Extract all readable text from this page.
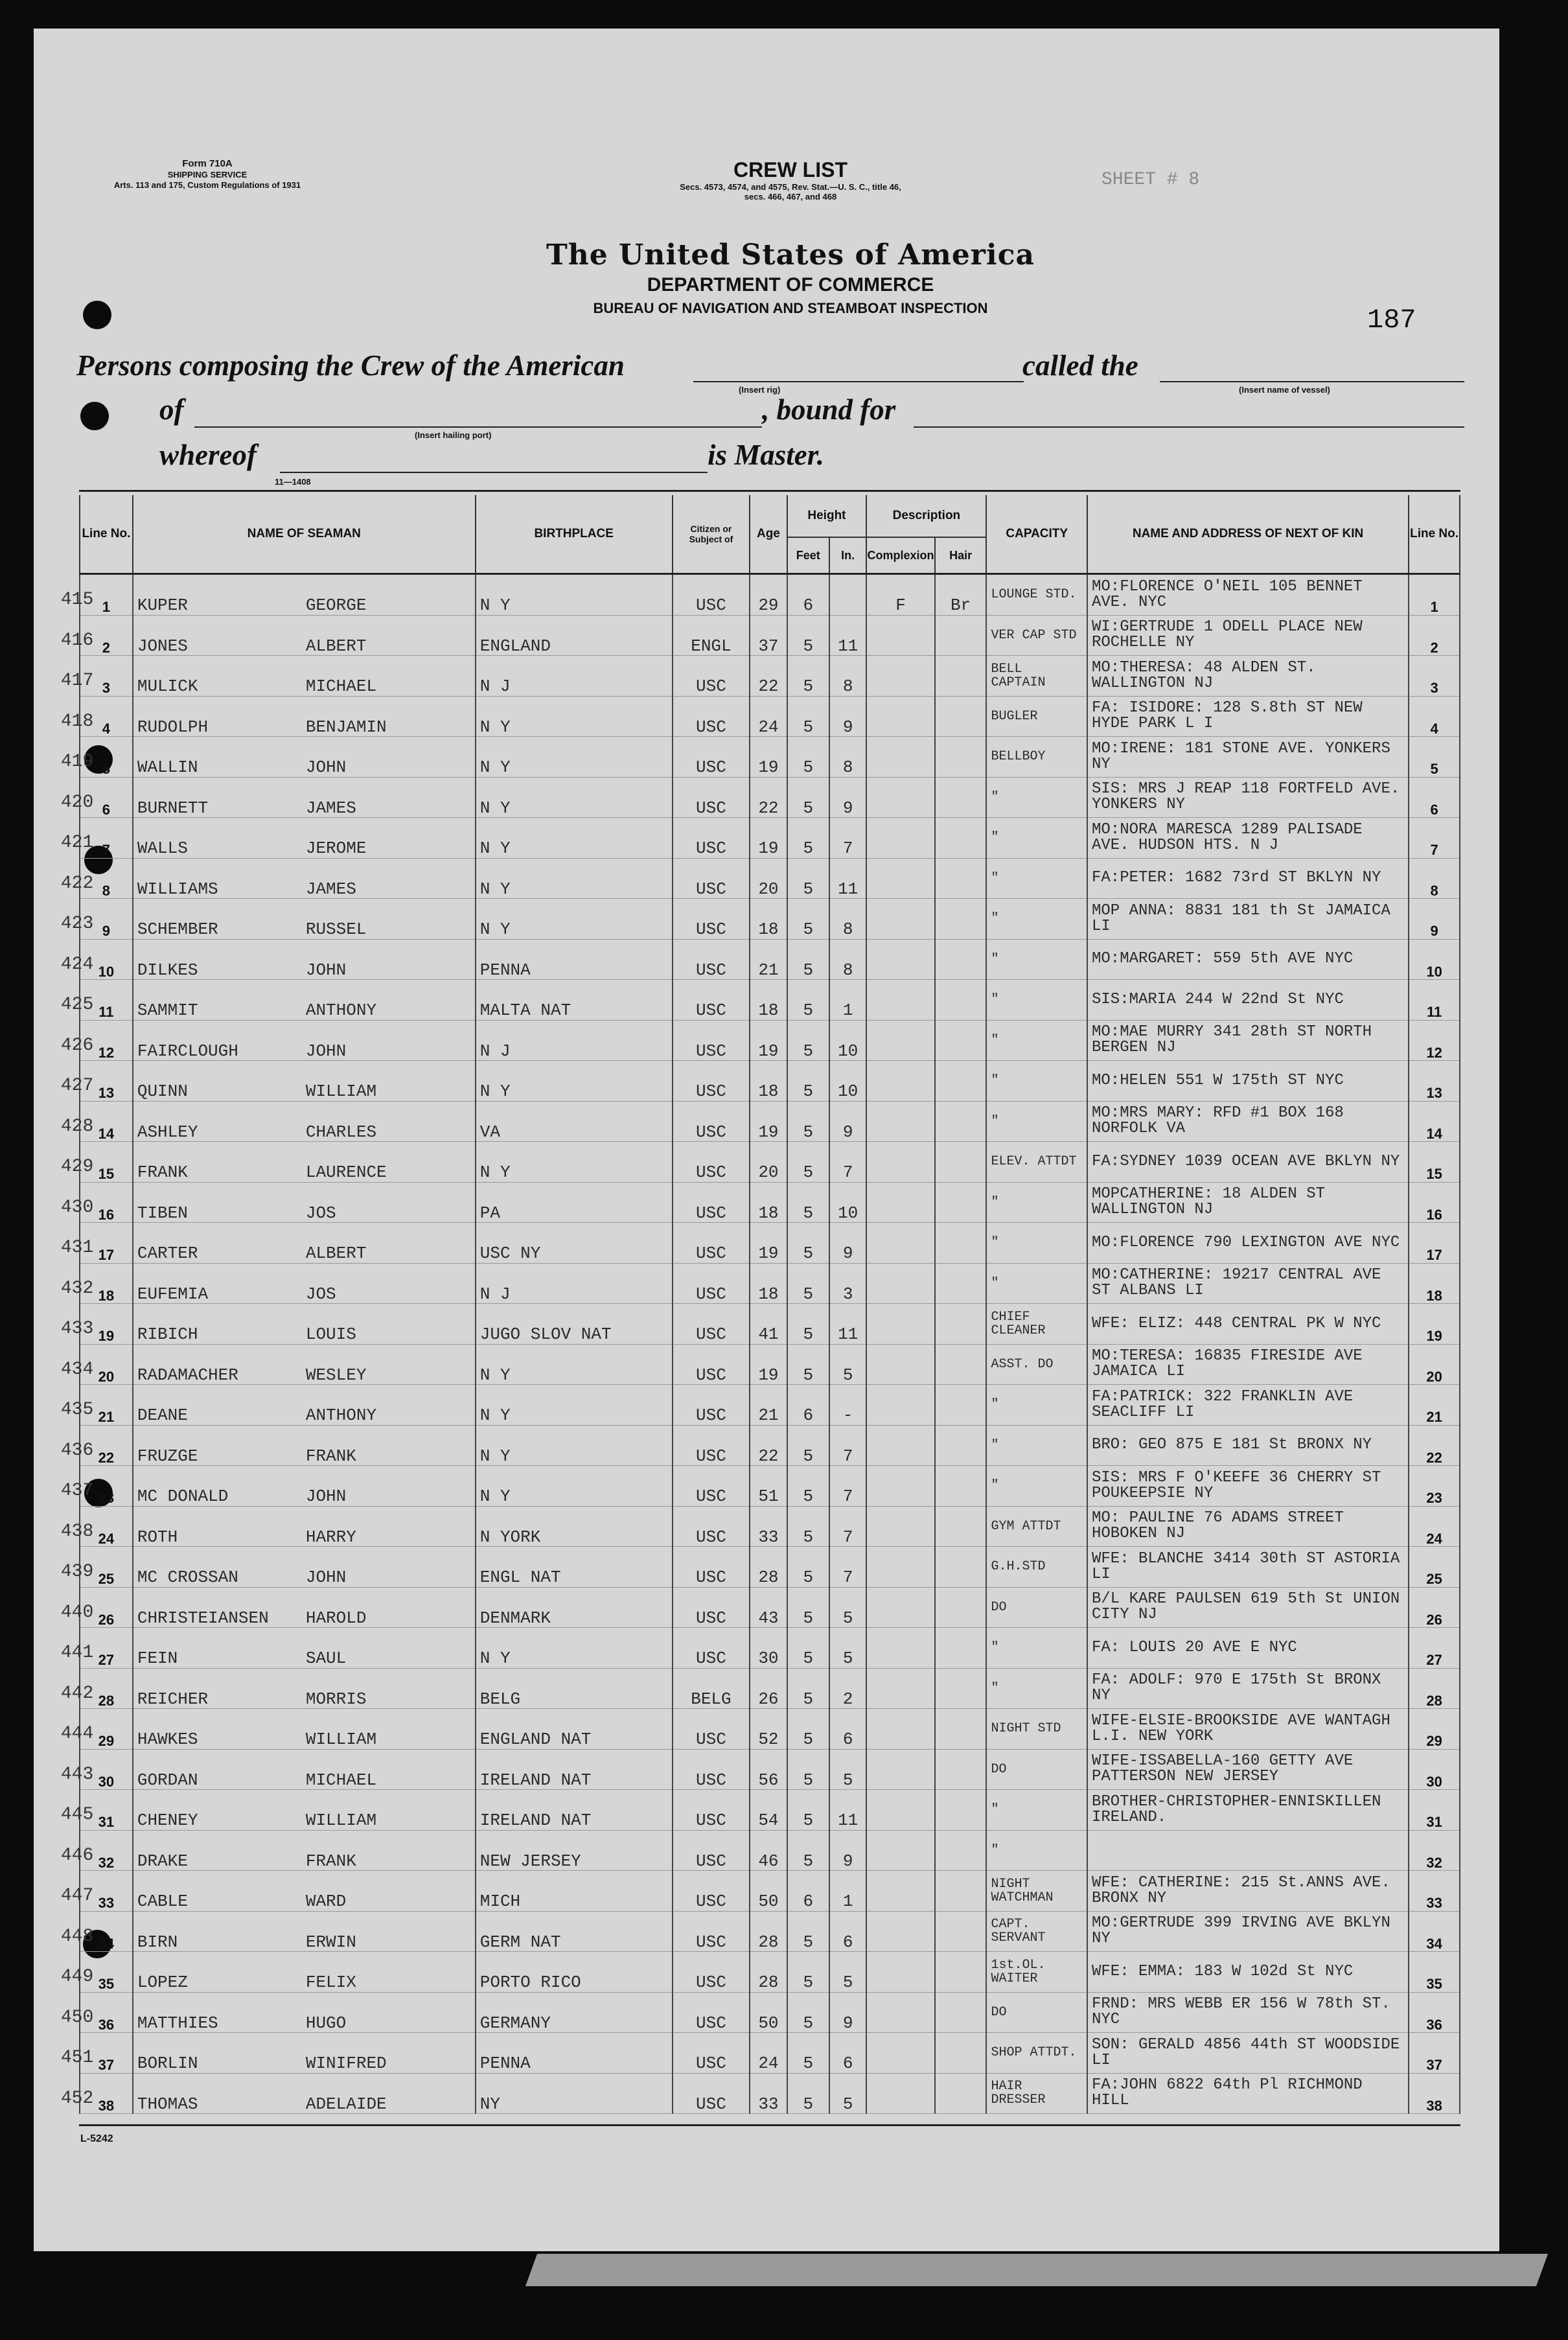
Form 710A
SHIPPING SERVICE
Arts. 113 and 175, Custom Regulations of 1931
CREW LIST
Secs. 4573, 4574, and 4575, Rev. Stat.—U. S. C., title 46,
secs. 466, 467, and 468
The United States of America
DEPARTMENT OF COMMERCE
BUREAU OF NAVIGATION AND STEAMBOAT INSPECTION	187
SHEET # 8
Persons composing the Crew of the American
(Insert rig)
called the
(Insert name of vessel)
of
(Insert hailing port)
, bound for
whereof
11—1408
is Master.
Line No.	NAME OF SEAMAN	BIRTHPLACE	Citizen or Subject of	Age	Height		Description		CAPACITY	NAME AND ADDRESS OF NEXT OF KIN	Line No.
					Feet	In.	Complexion	Hair			
1	415 KUPER GEORGE	N Y	USC	29	6		F	Br	LOUNGE STD.	MO:FLORENCE O'NEIL 105 BENNET AVE. NYC	1
2	416 JONES ALBERT	ENGLAND	ENGL	37	5	11			VER CAP STD	WI:GERTRUDE 1 ODELL PLACE NEW ROCHELLE NY	2
3	417 MULICK MICHAEL	N J	USC	22	5	8			BELL CAPTAIN	MO:THERESA: 48 ALDEN ST. WALLINGTON NJ	3
4	418 RUDOLPH BENJAMIN	N Y	USC	24	5	9			BUGLER	FA: ISIDORE: 128 S.8th ST NEW HYDE PARK L I	4
5	419 WALLIN JOHN	N Y	USC	19	5	8			BELLBOY	MO:IRENE: 181 STONE AVE. YONKERS NY	5
6	420 BURNETT JAMES	N Y	USC	22	5	9			"	SIS: MRS J REAP 118 FORTFELD AVE. YONKERS NY	6
7	421 WALLS JEROME	N Y	USC	19	5	7			"	MO:NORA MARESCA 1289 PALISADE AVE. HUDSON HTS. N J	7
8	422 WILLIAMS JAMES	N Y	USC	20	5	11			"	FA:PETER: 1682 73rd ST BKLYN NY	8
9	423 SCHEMBER RUSSEL	N Y	USC	18	5	8			"	MOP ANNA: 8831 181 th St JAMAICA LI	9
10	424 DILKES JOHN	PENNA	USC	21	5	8			"	MO:MARGARET: 559 5th AVE NYC	10
11	425 SAMMIT ANTHONY	MALTA NAT	USC	18	5	1			"	SIS:MARIA 244 W 22nd St NYC	11
12	426 FAIRCLOUGH JOHN	N J	USC	19	5	10			"	MO:MAE MURRY 341 28th ST NORTH BERGEN NJ	12
13	427 QUINN WILLIAM	N Y	USC	18	5	10			"	MO:HELEN 551 W 175th ST NYC	13
14	428 ASHLEY CHARLES	VA	USC	19	5	9			"	MO:MRS MARY: RFD #1 BOX 168 NORFOLK VA	14
15	429 FRANK LAURENCE	N Y	USC	20	5	7			ELEV. ATTDT	FA:SYDNEY 1039 OCEAN AVE BKLYN NY	15
16	430 TIBEN JOS	PA	USC	18	5	10			"	MOPCATHERINE: 18 ALDEN ST WALLINGTON NJ	16
17	431 CARTER ALBERT	USC NY	USC	19	5	9			"	MO:FLORENCE 790 LEXINGTON AVE NYC	17
18	432 EUFEMIA JOS	N J	USC	18	5	3			"	MO:CATHERINE: 19217 CENTRAL AVE ST ALBANS LI	18
19	433 RIBICH LOUIS	JUGO SLOV NAT	USC	41	5	11			CHIEF CLEANER	WFE: ELIZ: 448 CENTRAL PK W NYC	19
20	434 RADAMACHER WESLEY	N Y	USC	19	5	5			ASST. DO	MO:TERESA: 16835 FIRESIDE AVE JAMAICA LI	20
21	435 DEANE ANTHONY	N Y	USC	21	6	-			"	FA:PATRICK: 322 FRANKLIN AVE SEACLIFF LI	21
22	436 FRUZGE FRANK	N Y	USC	22	5	7			"	BRO: GEO 875 E 181 St BRONX NY	22
23	437 MC DONALD JOHN	N Y	USC	51	5	7			"	SIS: MRS F O'KEEFE 36 CHERRY ST POUKEEPSIE NY	23
24	438 ROTH HARRY	N YORK	USC	33	5	7			GYM ATTDT	MO: PAULINE 76 ADAMS STREET HOBOKEN NJ	24
25	439 MC CROSSAN JOHN	ENGL NAT	USC	28	5	7			G.H.STD	WFE: BLANCHE 3414 30th ST ASTORIA LI	25
26	440 CHRISTEIANSEN HAROLD	DENMARK	USC	43	5	5			DO	B/L KARE PAULSEN 619 5th St UNION CITY NJ	26
27	441 FEIN SAUL	N Y	USC	30	5	5			"	FA: LOUIS 20 AVE E NYC	27
28	442 REICHER MORRIS	BELG	BELG	26	5	2			"	FA: ADOLF: 970 E 175th St BRONX NY	28
29	444 HAWKES WILLIAM	ENGLAND NAT	USC	52	5	6			NIGHT STD	WIFE-ELSIE-BROOKSIDE AVE WANTAGH L.I. NEW YORK	29
30	443 GORDAN MICHAEL	IRELAND NAT	USC	56	5	5			DO	WIFE-ISSABELLA-160 GETTY AVE PATTERSON NEW JERSEY	30
31	445 CHENEY WILLIAM	IRELAND NAT	USC	54	5	11			"	BROTHER-CHRISTOPHER-ENNISKILLEN IRELAND.	31
32	446 DRAKE FRANK	NEW JERSEY	USC	46	5	9			"		32
33	447 CABLE WARD	MICH	USC	50	6	1			NIGHT WATCHMAN	WFE: CATHERINE: 215 St.ANNS AVE. BRONX NY	33
34	448 BIRN ERWIN	GERM NAT	USC	28	5	6			CAPT. SERVANT	MO:GERTRUDE 399 IRVING AVE BKLYN NY	34
35	449 LOPEZ FELIX	PORTO RICO	USC	28	5	5			1st.OL. WAITER	WFE: EMMA: 183 W 102d St NYC	35
36	450 MATTHIES HUGO	GERMANY	USC	50	5	9			DO	FRND: MRS WEBB ER 156 W 78th ST. NYC	36
37	451 BORLIN WINIFRED	PENNA	USC	24	5	6			SHOP ATTDT.	SON: GERALD 4856 44th ST WOODSIDE LI	37
38	452 THOMAS ADELAIDE	NY	USC	33	5	5			HAIR DRESSER	FA:JOHN 6822 64th Pl RICHMOND HILL	38
L-5242
